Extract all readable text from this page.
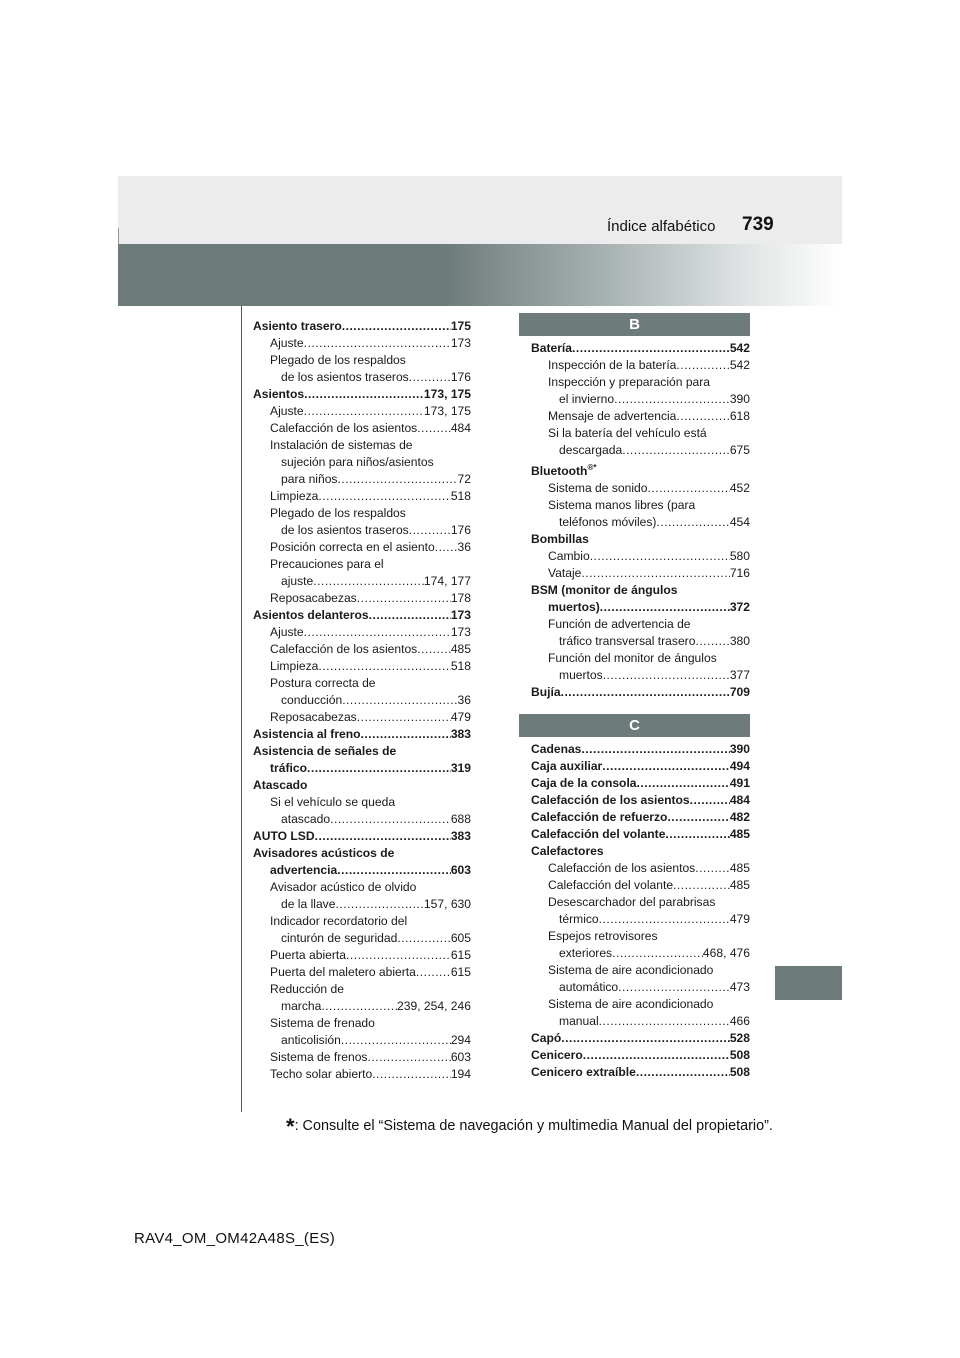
Índice alfabético 739
Asiento trasero .....	175
Ajuste .....	173
Plegado de los respaldos
de los asientos traseros .....	176
Asientos .....	173, 175
Ajuste .....	173, 175
Calefacción de los asientos .....	484
Instalación de sistemas de
sujeción para niños/asientos
para niños .....	72
Limpieza .....	518
Plegado de los respaldos
de los asientos traseros .....	176
Posición correcta en el asiento ..... 36
Precauciones para el
ajuste .....	174, 177
Reposacabezas .....	178
Asientos delanteros .....	173
Ajuste .....	173
Calefacción de los asientos .....	485
Limpieza .....	518
Postura correcta de
conducción .....	36
Reposacabezas .....	479
Asistencia al freno .....	383
Asistencia de señales de
tráfico .....	319
Atascado
Si el vehículo se queda
atascado .....	688
AUTO LSD .....	383
Avisadores acústicos de
advertencia .....	603
Avisador acústico de olvido
de la llave .....	157, 630
Indicador recordatorio del
cinturón de seguridad .....	605
Puerta abierta .....	615
Puerta del maletero abierta .....	615
Reducción de
marcha .....	239, 254, 246
Sistema de frenado
anticolisión .....	294
Sistema de frenos .....	603
Techo solar abierto .....	194
B
Batería .....	542
Inspección de la batería .....	542
Inspección y preparación para
el invierno .....	390
Mensaje de advertencia .....	618
Si la batería del vehículo está
descargada .....	675
Bluetooth®*
Sistema de sonido .....	452
Sistema manos libres (para
teléfonos móviles) .....	454
Bombillas
Cambio .....	580
Vataje .....	716
BSM (monitor de ángulos
muertos) .....	372
Función de advertencia de
tráfico transversal trasero .....	380
Función del monitor de ángulos
muertos .....	377
Bujía .....	709
C
Cadenas .....	390
Caja auxiliar .....	494
Caja de la consola .....	491
Calefacción de los asientos .....	484
Calefacción de refuerzo .....	482
Calefacción del volante .....	485
Calefactores
Calefacción de los asientos .....	485
Calefacción del volante .....	485
Desescarchador del parabrisas
térmico .....	479
Espejos retrovisores
exteriores .....	468, 476
Sistema de aire acondicionado
automático .....	473
Sistema de aire acondicionado
manual .....	466
Capó .....	528
Cenicero .....	508
Cenicero extraíble .....	508
*: Consulte el “Sistema de navegación y multimedia Manual del propietario”.
RAV4_OM_OM42A48S_(ES)
